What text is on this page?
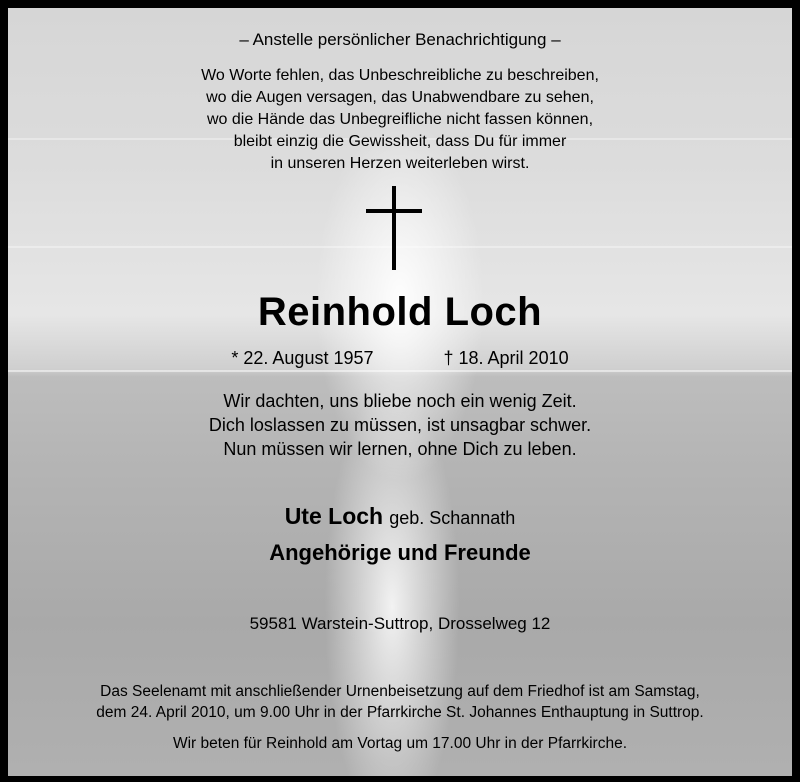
– Anstelle persönlicher Benachrichtigung –
Wo Worte fehlen, das Unbeschreibliche zu beschreiben,
wo die Augen versagen, das Unabwendbare zu sehen,
wo die Hände das Unbegreifliche nicht fassen können,
bleibt einzig die Gewissheit, dass Du für immer
in unseren Herzen weiterleben wirst.
Reinhold Loch
* 22. August 1957	† 18. April 2010
Wir dachten, uns bliebe noch ein wenig Zeit.
Dich loslassen zu müssen, ist unsagbar schwer.
Nun müssen wir lernen, ohne Dich zu leben.
Ute Loch geb. Schannath
Angehörige und Freunde
59581 Warstein-Suttrop, Drosselweg 12
Das Seelenamt mit anschließender Urnenbeisetzung auf dem Friedhof ist am Samstag,
dem 24. April 2010, um 9.00 Uhr in der Pfarrkirche St. Johannes Enthauptung in Suttrop.
Wir beten für Reinhold am Vortag um 17.00 Uhr in der Pfarrkirche.
